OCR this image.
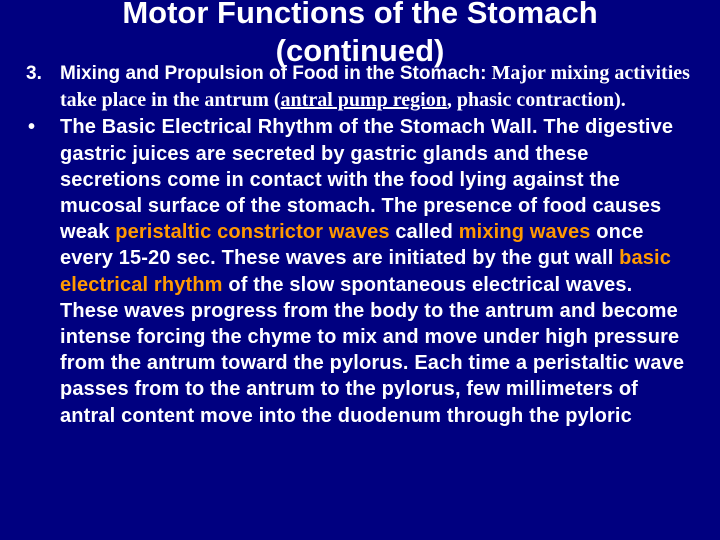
Motor Functions of the Stomach
(continued)
3. Mixing and Propulsion of Food in the Stomach: Major mixing activities take place in the antrum (antral pump region, phasic contraction).
• The Basic Electrical Rhythm of the Stomach Wall. The digestive gastric juices are secreted by gastric glands and these secretions come in contact with the food lying against the mucosal surface of the stomach. The presence of food causes weak peristaltic constrictor waves called mixing waves once every 15-20 sec. These waves are initiated by the gut wall basic electrical rhythm of the slow spontaneous electrical waves. These waves progress from the body to the antrum and become intense forcing the chyme to mix and move under high pressure from the antrum toward the pylorus. Each time a peristaltic wave passes from to the antrum to the pylorus, few millimeters of antral content move into the duodenum through the pyloric
